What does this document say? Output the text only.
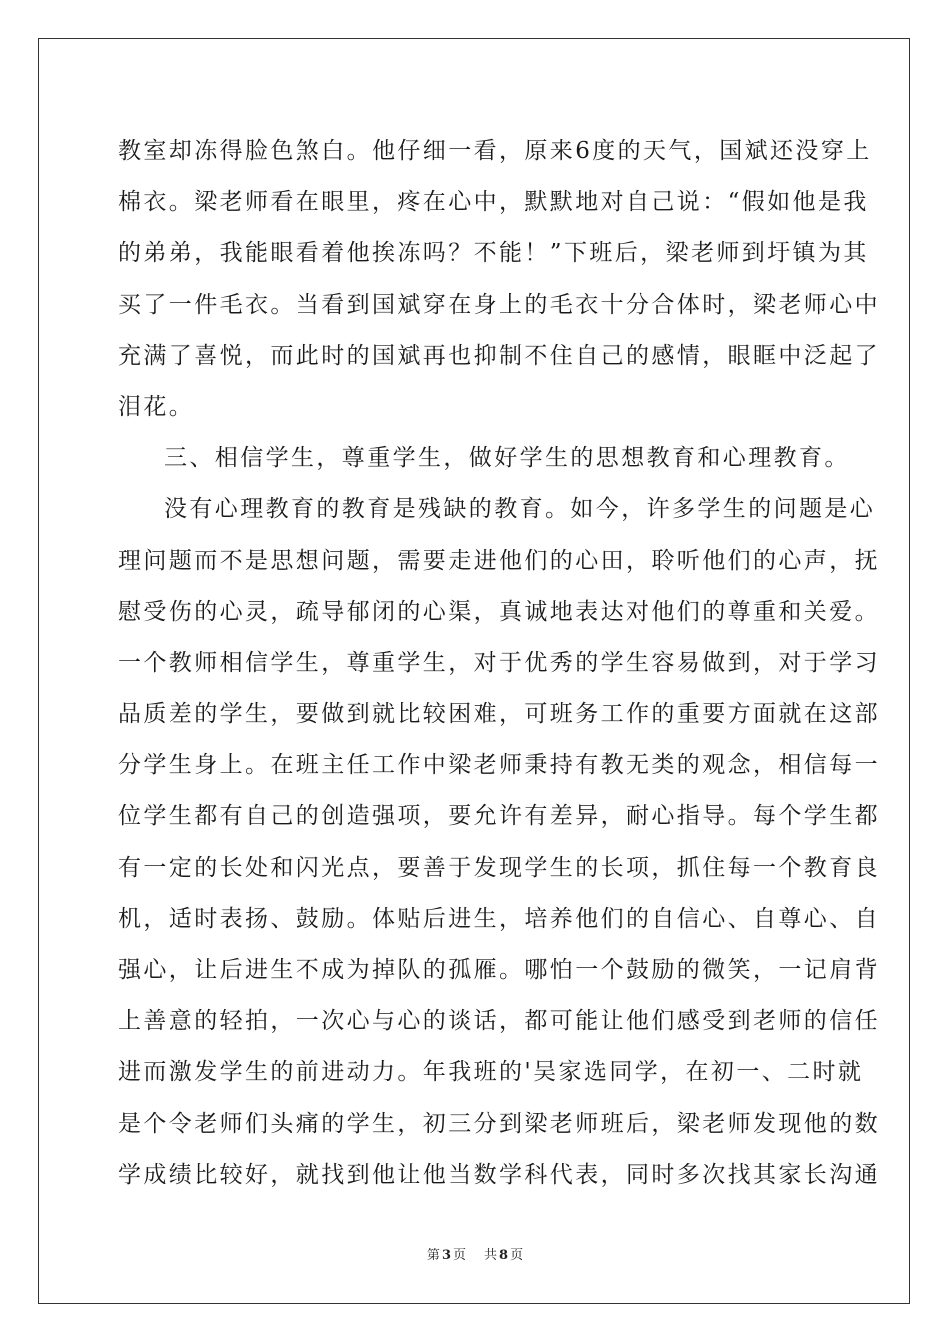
教室却冻得脸色煞白。他仔细一看，原来6度的天气，国斌还没穿上
棉衣。梁老师看在眼里，疼在心中，默默地对自己说：“假如他是我
的弟弟，我能眼看着他挨冻吗？不能！”下班后，梁老师到圩镇为其
买了一件毛衣。当看到国斌穿在身上的毛衣十分合体时，梁老师心中
充满了喜悦，而此时的国斌再也抑制不住自己的感情，眼眶中泛起了
泪花。
三、相信学生，尊重学生，做好学生的思想教育和心理教育。
没有心理教育的教育是残缺的教育。如今，许多学生的问题是心
理问题而不是思想问题，需要走进他们的心田，聆听他们的心声，抚
慰受伤的心灵，疏导郁闭的心渠，真诚地表达对他们的尊重和关爱。
一个教师相信学生，尊重学生，对于优秀的学生容易做到，对于学习
品质差的学生，要做到就比较困难，可班务工作的重要方面就在这部
分学生身上。在班主任工作中梁老师秉持有教无类的观念，相信每一
位学生都有自己的创造强项，要允许有差异，耐心指导。每个学生都
有一定的长处和闪光点，要善于发现学生的长项，抓住每一个教育良
机，适时表扬、鼓励。体贴后进生，培养他们的自信心、自尊心、自
强心，让后进生不成为掉队的孤雁。哪怕一个鼓励的微笑，一记肩背
上善意的轻拍，一次心与心的谈话，都可能让他们感受到老师的信任
进而激发学生的前进动力。年我班的'吴家选同学，在初一、二时就
是个令老师们头痛的学生，初三分到梁老师班后，梁老师发现他的数
学成绩比较好，就找到他让他当数学科代表，同时多次找其家长沟通
第 3 页 共 8 页
